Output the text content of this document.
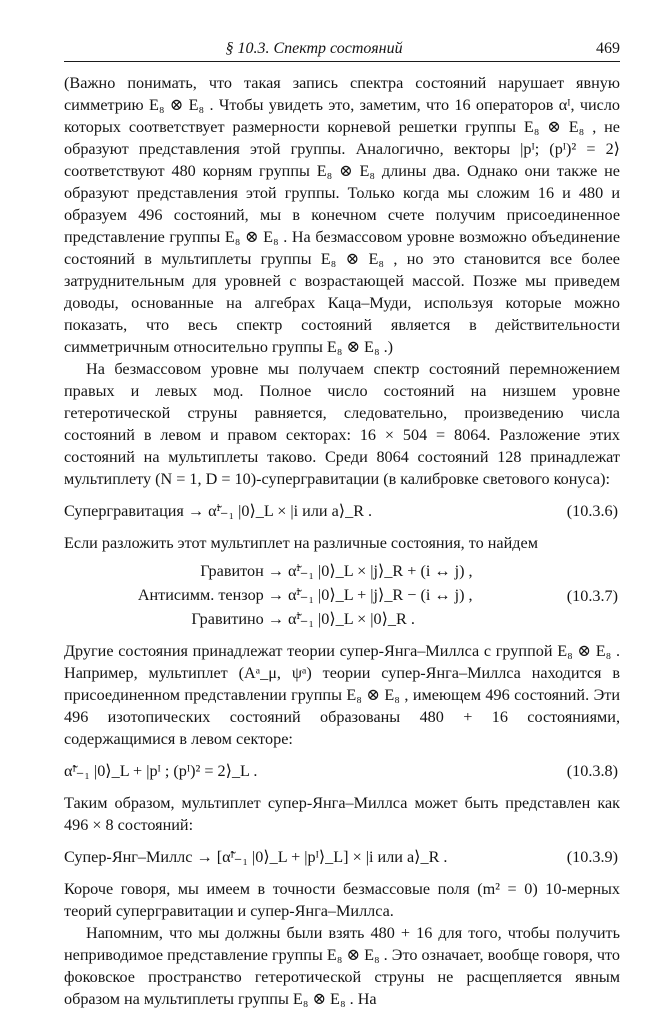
§ 10.3. Спектр состояний	469

(Важно понимать, что такая запись спектра состояний нарушает явную симметрию E₈ ⊗ E₈ . Чтобы увидеть это, заметим, что 16 операторов αᴵ, число которых соответствует размерности корневой решетки группы E₈ ⊗ E₈ , не образуют представления этой группы. Аналогично, векторы |pᴵ; (pᴵ)² = 2⟩ соответствуют 480 корням группы E₈ ⊗ E₈ длины два. Однако они также не образуют представления этой группы. Только когда мы сложим 16 и 480 и образуем 496 состояний, мы в конечном счете получим присоединенное представление группы E₈ ⊗ E₈ . На безмассовом уровне возможно объединение состояний в мультиплеты группы E₈ ⊗ E₈ , но это становится все более затруднительным для уровней с возрастающей массой. Позже мы приведем доводы, основанные на алгебрах Каца–Муди, используя которые можно показать, что весь спектр состояний является в действительности симметричным относительно группы E₈ ⊗ E₈ .)

На безмассовом уровне мы получаем спектр состояний перемножением правых и левых мод. Полное число состояний на низшем уровне гетеротической струны равняется, следовательно, произведению числа состояний в левом и правом секторах: 16 × 504 = 8064. Разложение этих состояний на мультиплеты таково. Среди 8064 состояний 128 принадлежат мультиплету (N = 1, D = 10)-супергравитации (в калибровке светового конуса):

Супергравитация → α̃ⁱ₋₁ |0⟩_L × |i или a⟩_R .	(10.3.6)

Если разложить этот мультиплет на различные состояния, то найдем

Гравитон → α̃ⁱ₋₁ |0⟩_L × |j⟩_R + (i ↔ j) ,
Антисимм. тензор → α̃ⁱ₋₁ |0⟩_L + |j⟩_R − (i ↔ j) ,
Гравитино → α̃ⁱ₋₁ |0⟩_L × |0⟩_R .
(10.3.7)

Другие состояния принадлежат теории супер-Янга–Миллса с группой E₈ ⊗ E₈ . Например, мультиплет (Aᵃ_μ, ψᵃ) теории супер-Янга–Миллса находится в присоединенном представлении группы E₈ ⊗ E₈ , имеющем 496 состояний. Эти 496 изотопических состояний образованы 480 + 16 состояниями, содержащимися в левом секторе:

α̃ᴵ₋₁ |0⟩_L + |pᴵ ; (pᴵ)² = 2⟩_L .	(10.3.8)

Таким образом, мультиплет супер-Янга–Миллса может быть представлен как 496 × 8 состояний:

Супер-Янг–Миллс → [α̃ᴵ₋₁ |0⟩_L + |pᴵ⟩_L] × |i или a⟩_R .	(10.3.9)

Короче говоря, мы имеем в точности безмассовые поля (m² = 0) 10-мерных теорий супергравитации и супер-Янга–Миллса.

Напомним, что мы должны были взять 480 + 16 для того, чтобы получить неприводимое представление группы E₈ ⊗ E₈ . Это означает, вообще говоря, что фоковское пространство гетеротической струны не расщепляется явным образом на мультиплеты группы E₈ ⊗ E₈ . На
